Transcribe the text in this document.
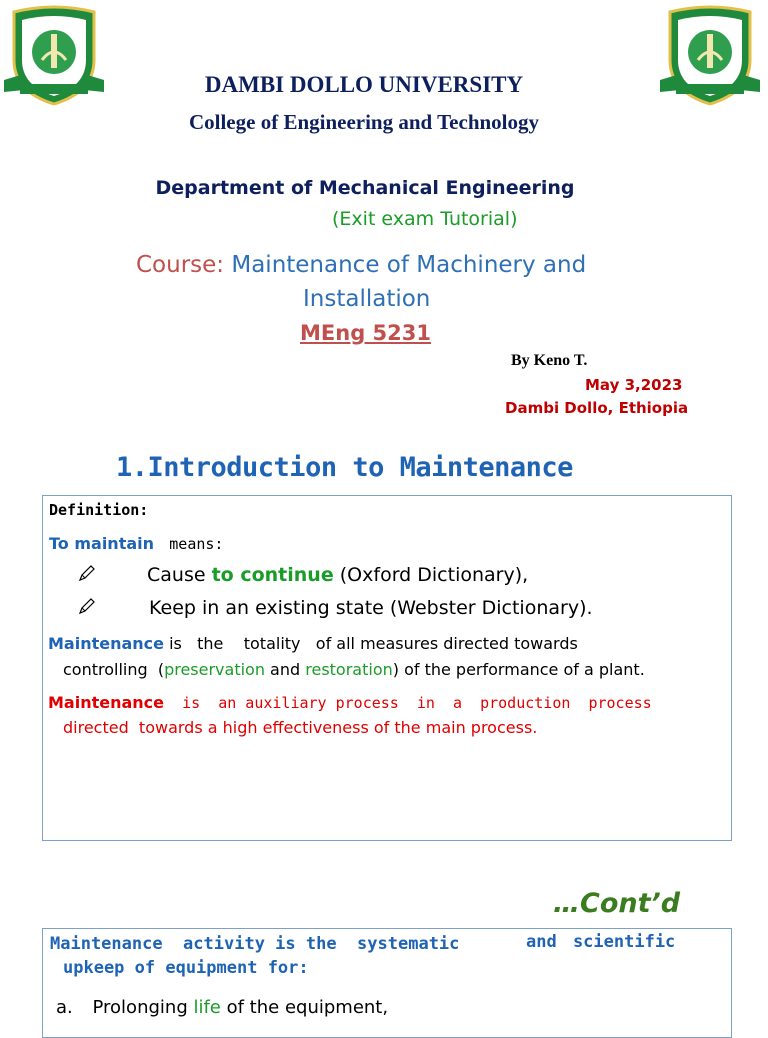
DAMBI DOLLO UNIVERSITY
College of Engineering and Technology
Department of Mechanical Engineering
(Exit exam Tutorial)
Course: Maintenance of Machinery and
Installation
MEng 5231
By Keno T.
May 3,2023
Dambi Dollo, Ethiopia
1.Introduction to Maintenance
Definition:
To maintain means:
Cause to continue (Oxford Dictionary),
Keep in an existing state (Webster Dictionary).
Maintenance is   the    totality   of all measures directed towards
controlling  (preservation and restoration) of the performance of a plant.
Maintenance  is  an auxiliary process  in  a  production  process
directed  towards a high effectiveness of the main process.
…Cont’d
Maintenance  activity is the  systematic	and scientific
upkeep of equipment for:
a. Prolonging life of the equipment,
